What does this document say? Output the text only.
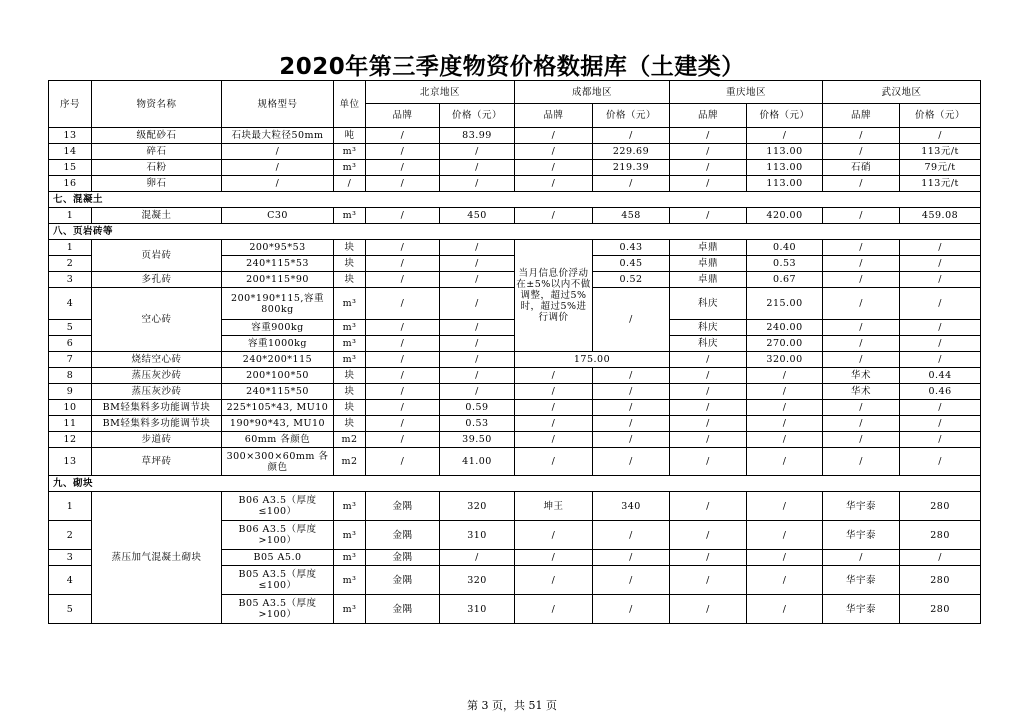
2020年第三季度物资价格数据库（土建类）
序号	物资名称	规格型号	单位	北京地区		成都地区		重庆地区		武汉地区	
				品牌	价格（元）	品牌	价格（元）	品牌	价格（元）	品牌	价格（元）
13	级配砂石	石块最大粒径50mm	吨	/	83.99	/	/	/	/	/	/
14	碎石	/	m³	/	/	/	229.69	/	113.00	/	113元/t
15	石粉	/	m³	/	/	/	219.39	/	113.00	石硝	79元/t
16	卵石	/	/	/	/	/	/	/	113.00	/	113元/t
七、混凝土											
1	混凝土	C30	m³	/	450	/	458	/	420.00	/	459.08
八、页岩砖等											
1	页岩砖	200*95*53	块	/	/	当月信息价浮动在±5%以内不做调整，超过5%时，超过5%进行调价	0.43	卓鼎	0.40	/	/
2		240*115*53	块	/	/		0.45	卓鼎	0.53	/	/
3	多孔砖	200*115*90	块	/	/		0.52	卓鼎	0.67	/	/
4	空心砖	200*190*115,容重800kg	m³	/	/		/	科庆	215.00	/	/
5		容重900kg	m³	/	/			科庆	240.00	/	/
6		容重1000kg	m³	/	/			科庆	270.00	/	/
7	烧结空心砖	240*200*115	m³	/	/	175.00		/	320.00	/	/
8	蒸压灰沙砖	200*100*50	块	/	/	/	/	/	/	华术	0.44
9	蒸压灰沙砖	240*115*50	块	/	/	/	/	/	/	华术	0.46
10	BM轻集料多功能调节块	225*105*43, MU10	块	/	0.59	/	/	/	/	/	/
11	BM轻集料多功能调节块	190*90*43, MU10	块	/	0.53	/	/	/	/	/	/
12	步道砖	60mm 各颜色	m2	/	39.50	/	/	/	/	/	/
13	草坪砖	300×300×60mm 各颜色	m2	/	41.00	/	/	/	/	/	/
九、砌块											
1	蒸压加气混凝土砌块	B06 A3.5（厚度≤100）	m³	金隅	320	坤王	340	/	/	华宇泰	280
2		B06 A3.5（厚度>100）	m³	金隅	310	/	/	/	/	华宇泰	280
3		B05 A5.0	m³	金隅	/	/	/	/	/	/	/
4		B05 A3.5（厚度≤100）	m³	金隅	320	/	/	/	/	华宇泰	280
5		B05 A3.5（厚度>100）	m³	金隅	310	/	/	/	/	华宇泰	280
第 3 页，共 51 页
